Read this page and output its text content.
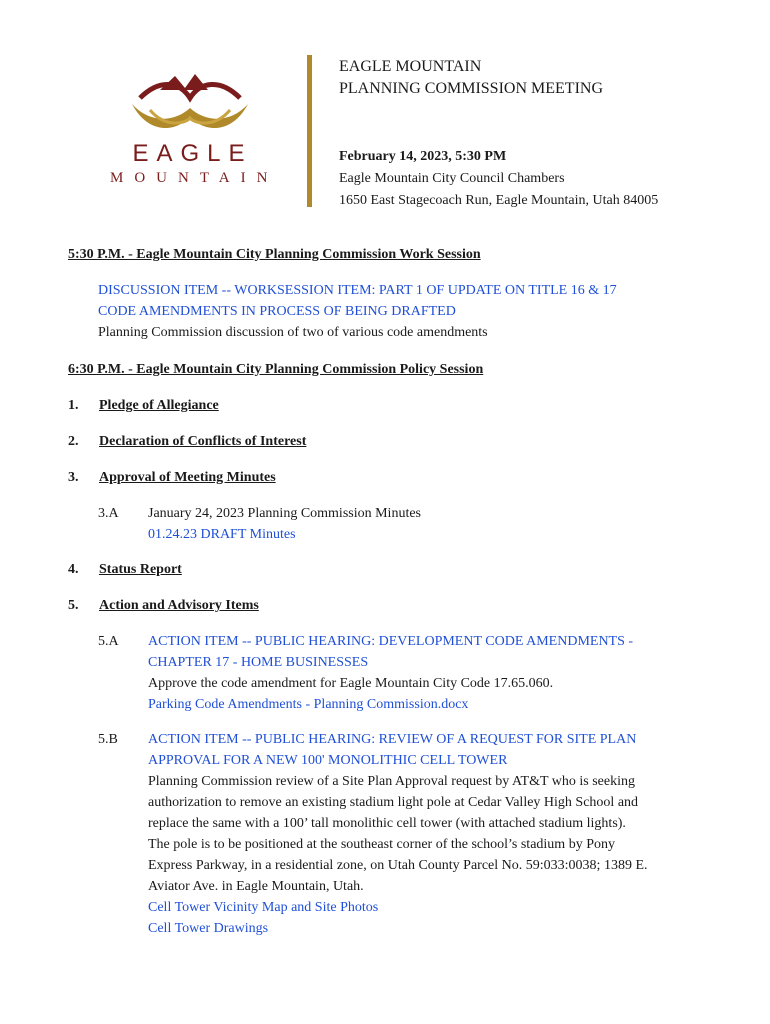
EAGLE
MOUNTAIN
EAGLE MOUNTAIN
PLANNING COMMISSION MEETING
February 14, 2023, 5:30 PM
Eagle Mountain City Council Chambers
1650 East Stagecoach Run, Eagle Mountain, Utah 84005

5:30 P.M. - Eagle Mountain City Planning Commission Work Session

DISCUSSION ITEM -- WORKSESSION ITEM: PART 1 OF UPDATE ON TITLE 16 & 17
CODE AMENDMENTS IN PROCESS OF BEING DRAFTED
Planning Commission discussion of two of various code amendments

6:30 P.M. - Eagle Mountain City Planning Commission Policy Session

1.	Pledge of Allegiance
2.	Declaration of Conflicts of Interest
3.	Approval of Meeting Minutes
3.A	January 24, 2023 Planning Commission Minutes
01.24.23 DRAFT Minutes
4.	Status Report
5.	Action and Advisory Items
5.A	ACTION ITEM -- PUBLIC HEARING: DEVELOPMENT CODE AMENDMENTS -
CHAPTER 17 - HOME BUSINESSES
Approve the code amendment for Eagle Mountain City Code 17.65.060.
Parking Code Amendments - Planning Commission.docx
5.B	ACTION ITEM -- PUBLIC HEARING: REVIEW OF A REQUEST FOR SITE PLAN
APPROVAL FOR A NEW 100' MONOLITHIC CELL TOWER
Planning Commission review of a Site Plan Approval request by AT&T who is seeking
authorization to remove an existing stadium light pole at Cedar Valley High School and
replace the same with a 100’ tall monolithic cell tower (with attached stadium lights).
The pole is to be positioned at the southeast corner of the school’s stadium by Pony
Express Parkway, in a residential zone, on Utah County Parcel No. 59:033:0038; 1389 E.
Aviator Ave. in Eagle Mountain, Utah.
Cell Tower Vicinity Map and Site Photos
Cell Tower Drawings
